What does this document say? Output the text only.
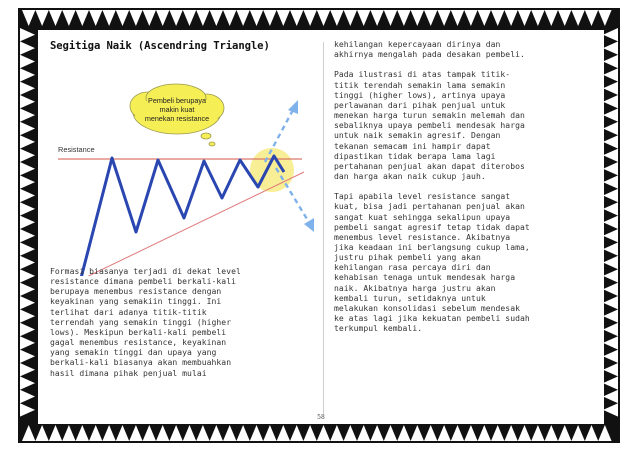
Segitiga Naik (Ascendring Triangle)
Pembeli berupaya
makin kuat
menekan resistance
Resistance
Formasi biasanya terjadi di dekat level
resistance dimana pembeli berkali-kali
berupaya menembus resistance dengan
keyakinan yang semakiin tinggi. Ini
terlihat dari adanya titik-titik
terrendah yang semakin tinggi (higher
lows). Meskipun berkali-kali pembeli
gagal menembus resistance, keyakinan
yang semakin tinggi dan upaya yang
berkali-kali biasanya akan membuahkan
hasil dimana pihak penjual mulai
kehilangan kepercayaan dirinya dan
akhirnya mengalah pada desakan pembeli.
Pada ilustrasi di atas tampak titik-
titik terendah semakin lama semakin
tinggi (higher lows), artinya upaya
perlawanan dari pihak penjual untuk
menekan harga turun semakin melemah dan
sebaliknya upaya pembeli mendesak harga
untuk naik semakin agresif. Dengan
tekanan semacam ini hampir dapat
dipastikan tidak berapa lama lagi
pertahanan penjual akan dapat diterobos
dan harga akan naik cukup jauh.
Tapi apabila level resistance sangat
kuat, bisa jadi pertahanan penjual akan
sangat kuat sehingga sekalipun upaya
pembeli sangat agresif tetap tidak dapat
menembus level resistance. Akibatnya
jika keadaan ini berlangsung cukup lama,
justru pihak pembeli yang akan
kehilangan rasa percaya diri dan
kehabisan tenaga untuk mendesak harga
naik. Akibatnya harga justru akan
kembali turun, setidaknya untuk
melakukan konsolidasi sebelum mendesak
ke atas lagi jika kekuatan pembeli sudah
terkumpul kembali.
58
